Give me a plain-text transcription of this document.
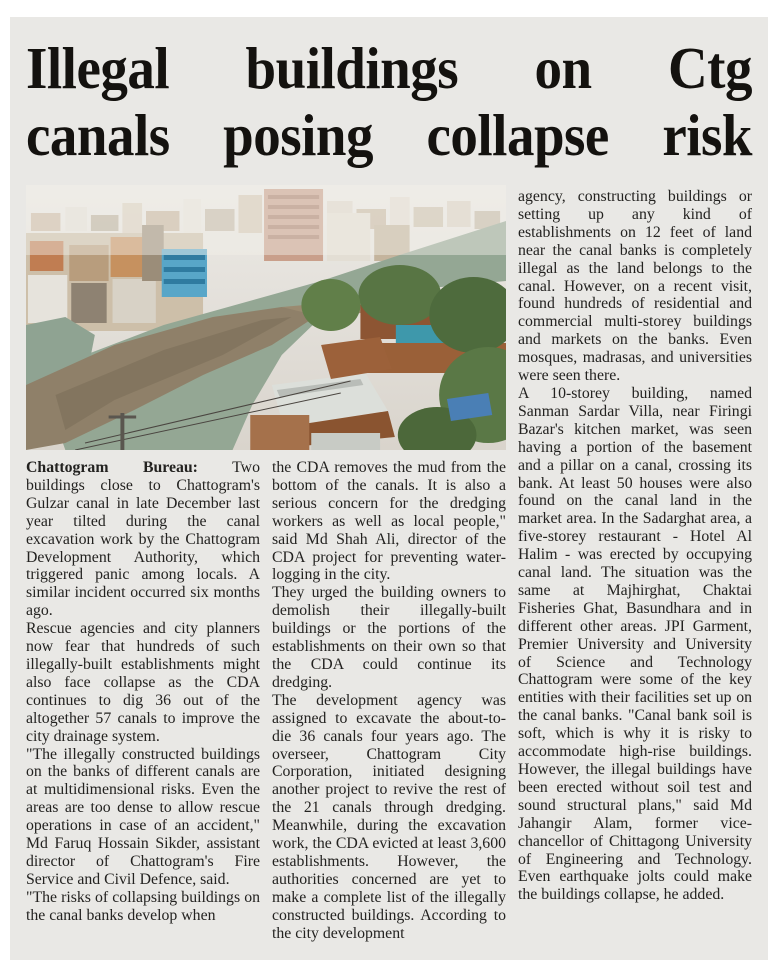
Illegal buildings on Ctg
canals posing collapse risk

Chattogram Bureau: Two buildings close to Chattogram's Gulzar canal in late December last year tilted during the canal excavation work by the Chattogram Development Authority, which triggered panic among locals. A similar incident occurred six months ago.

Rescue agencies and city planners now fear that hundreds of such illegally-built establishments might also face collapse as the CDA continues to dig 36 out of the altogether 57 canals to improve the city drainage system.

"The illegally constructed buildings on the banks of different canals are at multidimensional risks. Even the areas are too dense to allow rescue operations in case of an accident," Md Faruq Hossain Sikder, assistant director of Chattogram's Fire Service and Civil Defence, said.

"The risks of collapsing buildings on the canal banks develop when

the CDA removes the mud from the bottom of the canals. It is also a serious concern for the dredging workers as well as local people," said Md Shah Ali, director of the CDA project for preventing water-logging in the city.

They urged the building owners to demolish their illegally-built buildings or the portions of the establishments on their own so that the CDA could continue its dredging.

The development agency was assigned to excavate the about-to-die 36 canals four years ago. The overseer, Chattogram City Corporation, initiated designing another project to revive the rest of the 21 canals through dredging. Meanwhile, during the excavation work, the CDA evicted at least 3,600 establishments. However, the authorities concerned are yet to make a complete list of the illegally constructed buildings. According to the city development

agency, constructing buildings or setting up any kind of establishments on 12 feet of land near the canal banks is completely illegal as the land belongs to the canal. However, on a recent visit, found hundreds of residential and commercial multi-storey buildings and markets on the banks. Even mosques, madrasas, and universities were seen there.

A 10-storey building, named Sanman Sardar Villa, near Firingi Bazar's kitchen market, was seen having a portion of the basement and a pillar on a canal, crossing its bank. At least 50 houses were also found on the canal land in the market area. In the Sadarghat area, a five-storey restaurant - Hotel Al Halim - was erected by occupying canal land. The situation was the same at Majhirghat, Chaktai Fisheries Ghat, Basundhara and in different other areas. JPI Garment, Premier University and University of Science and Technology Chattogram were some of the key entities with their facilities set up on the canal banks. "Canal bank soil is soft, which is why it is risky to accommodate high-rise buildings. However, the illegal buildings have been erected without soil test and sound structural plans," said Md Jahangir Alam, former vice-chancellor of Chittagong University of Engineering and Technology. Even earthquake jolts could make the buildings collapse, he added.
